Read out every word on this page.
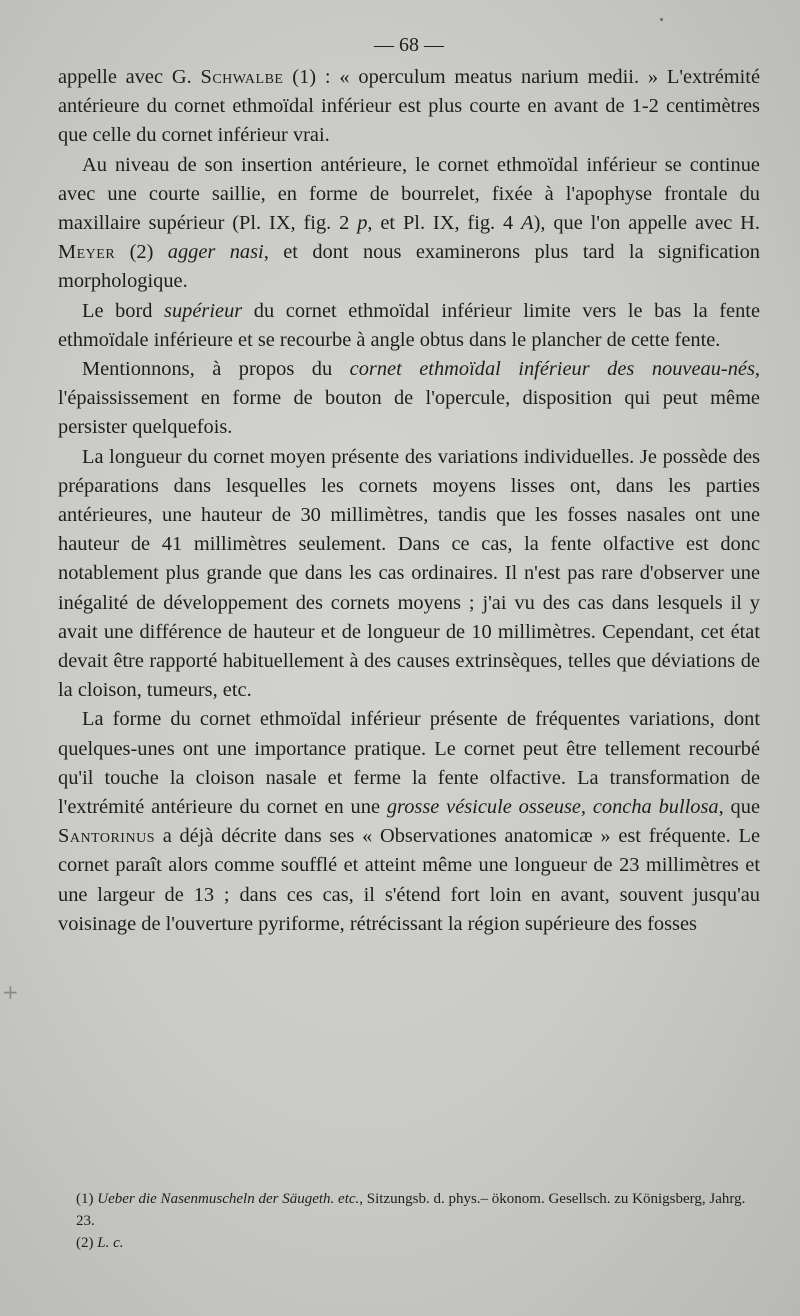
+
— 68 —

appelle avec G. Schwalbe (1) : « operculum meatus narium medii. » L'extrémité antérieure du cornet ethmoïdal inférieur est plus courte en avant de 1-2 centimètres que celle du cornet inférieur vrai.

Au niveau de son insertion antérieure, le cornet ethmoïdal inférieur se continue avec une courte saillie, en forme de bourrelet, fixée à l'apophyse frontale du maxillaire supérieur (Pl. IX, fig. 2 p, et Pl. IX, fig. 4 A), que l'on appelle avec H. Meyer (2) agger nasi, et dont nous examinerons plus tard la signification morphologique.

Le bord supérieur du cornet ethmoïdal inférieur limite vers le bas la fente ethmoïdale inférieure et se recourbe à angle obtus dans le plancher de cette fente.

Mentionnons, à propos du cornet ethmoïdal inférieur des nouveau-nés, l'épaississement en forme de bouton de l'opercule, disposition qui peut même persister quelquefois.

La longueur du cornet moyen présente des variations individuelles. Je possède des préparations dans lesquelles les cornets moyens lisses ont, dans les parties antérieures, une hauteur de 30 millimètres, tandis que les fosses nasales ont une hauteur de 41 millimètres seulement. Dans ce cas, la fente olfactive est donc notablement plus grande que dans les cas ordinaires. Il n'est pas rare d'observer une inégalité de développement des cornets moyens ; j'ai vu des cas dans lesquels il y avait une différence de hauteur et de longueur de 10 millimètres. Cependant, cet état devait être rapporté habituellement à des causes extrinsèques, telles que déviations de la cloison, tumeurs, etc.

La forme du cornet ethmoïdal inférieur présente de fréquentes variations, dont quelques-unes ont une importance pratique. Le cornet peut être tellement recourbé qu'il touche la cloison nasale et ferme la fente olfactive. La transformation de l'extrémité antérieure du cornet en une grosse vésicule osseuse, concha bullosa, que Santorinus a déjà décrite dans ses « Observationes anatomicæ » est fréquente. Le cornet paraît alors comme soufflé et atteint même une longueur de 23 millimètres et une largeur de 13 ; dans ces cas, il s'étend fort loin en avant, souvent jusqu'au voisinage de l'ouverture pyriforme, rétrécissant la région supérieure des fosses

(1) Ueber die Nasenmuscheln der Säugeth. etc., Sitzungsb. d. phys.– ökonom. Gesellsch. zu Königsberg, Jahrg. 23.

(2) L. c.
